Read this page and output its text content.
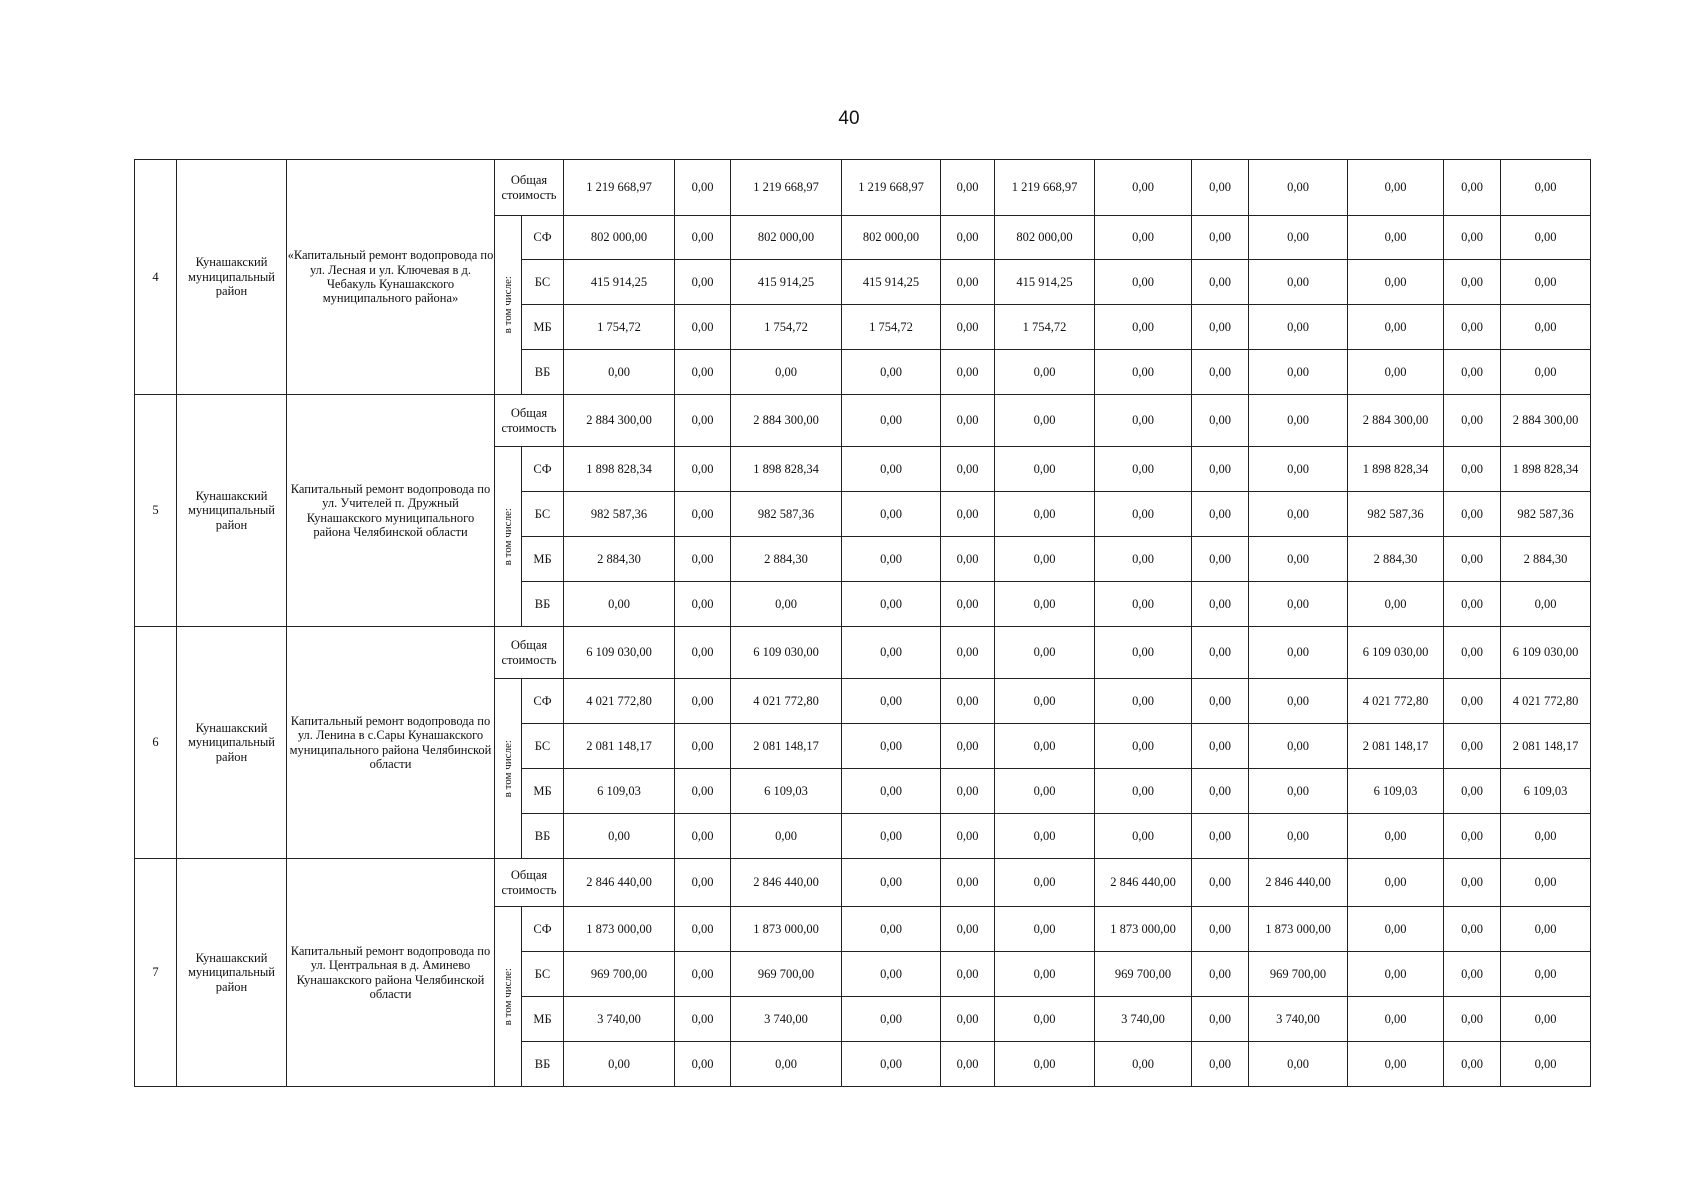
40
4	Кунашакский муниципальный район	«Капитальный ремонт водопровода по ул. Лесная и ул. Ключевая в д. Чебакуль Кунашакского муниципального района»	Общая стоимость		1 219 668,97	0,00	1 219 668,97	1 219 668,97	0,00	1 219 668,97	0,00	0,00	0,00	0,00	0,00	0,00

			в том числе:	СФ	802 000,00	0,00	802 000,00	802 000,00	0,00	802 000,00	0,00	0,00	0,00	0,00	0,00	0,00
				БС	415 914,25	0,00	415 914,25	415 914,25	0,00	415 914,25	0,00	0,00	0,00	0,00	0,00	0,00
				МБ	1 754,72	0,00	1 754,72	1 754,72	0,00	1 754,72	0,00	0,00	0,00	0,00	0,00	0,00
				ВБ	0,00	0,00	0,00	0,00	0,00	0,00	0,00	0,00	0,00	0,00	0,00	0,00
5	Кунашакский муниципальный район	Капитальный ремонт водопровода по ул. Учителей п. Дружный Кунашакского муниципального района Челябинской области	Общая стоимость		2 884 300,00	0,00	2 884 300,00	0,00	0,00	0,00	0,00	0,00	0,00	2 884 300,00	0,00	2 884 300,00

			в том числе:	СФ	1 898 828,34	0,00	1 898 828,34	0,00	0,00	0,00	0,00	0,00	0,00	1 898 828,34	0,00	1 898 828,34
				БС	982 587,36	0,00	982 587,36	0,00	0,00	0,00	0,00	0,00	0,00	982 587,36	0,00	982 587,36
				МБ	2 884,30	0,00	2 884,30	0,00	0,00	0,00	0,00	0,00	0,00	2 884,30	0,00	2 884,30
				ВБ	0,00	0,00	0,00	0,00	0,00	0,00	0,00	0,00	0,00	0,00	0,00	0,00
6	Кунашакский муниципальный район	Капитальный ремонт водопровода по ул. Ленина в с.Сары Кунашакского муниципального района Челябинской области	Общая стоимость		6 109 030,00	0,00	6 109 030,00	0,00	0,00	0,00	0,00	0,00	0,00	6 109 030,00	0,00	6 109 030,00

			в том числе:	СФ	4 021 772,80	0,00	4 021 772,80	0,00	0,00	0,00	0,00	0,00	0,00	4 021 772,80	0,00	4 021 772,80
				БС	2 081 148,17	0,00	2 081 148,17	0,00	0,00	0,00	0,00	0,00	0,00	2 081 148,17	0,00	2 081 148,17
				МБ	6 109,03	0,00	6 109,03	0,00	0,00	0,00	0,00	0,00	0,00	6 109,03	0,00	6 109,03
				ВБ	0,00	0,00	0,00	0,00	0,00	0,00	0,00	0,00	0,00	0,00	0,00	0,00
7	Кунашакский муниципальный район	Капитальный ремонт водопровода по ул. Центральная в д. Аминево Кунашакского района Челябинской области	Общая стоимость		2 846 440,00	0,00	2 846 440,00	0,00	0,00	0,00	2 846 440,00	0,00	2 846 440,00	0,00	0,00	0,00

			в том числе:	СФ	1 873 000,00	0,00	1 873 000,00	0,00	0,00	0,00	1 873 000,00	0,00	1 873 000,00	0,00	0,00	0,00
				БС	969 700,00	0,00	969 700,00	0,00	0,00	0,00	969 700,00	0,00	969 700,00	0,00	0,00	0,00
				МБ	3 740,00	0,00	3 740,00	0,00	0,00	0,00	3 740,00	0,00	3 740,00	0,00	0,00	0,00
				ВБ	0,00	0,00	0,00	0,00	0,00	0,00	0,00	0,00	0,00	0,00	0,00	0,00
